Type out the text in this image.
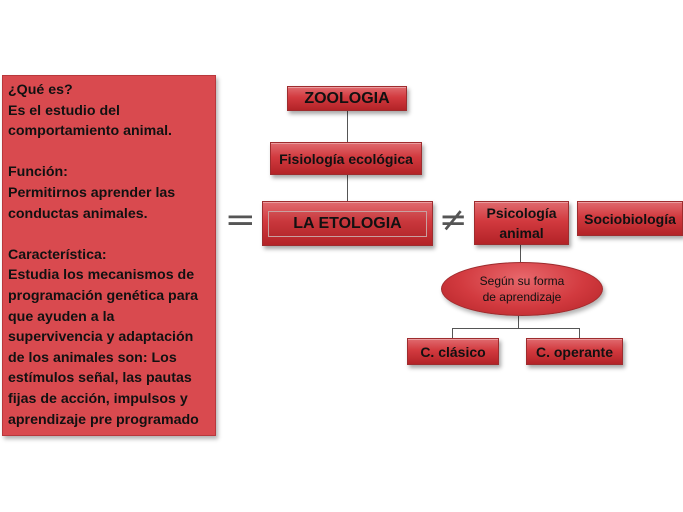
¿Qué es?

Es el estudio del

comportamiento animal.

Función:

Permitirnos aprender las

conductas animales.

Característica:

Estudia los mecanismos de

programación genética para

que ayuden a la

supervivencia y adaptación

de los animales son: Los

estímulos señal, las pautas

fijas de acción, impulsos y

aprendizaje pre programado

=	≠
ZOOLOGIA
Fisiología ecológica
LA ETOLOGIA
Psicología
animal
Sociobiología
Según su forma
de aprendizaje
C. clásico	C. operante
